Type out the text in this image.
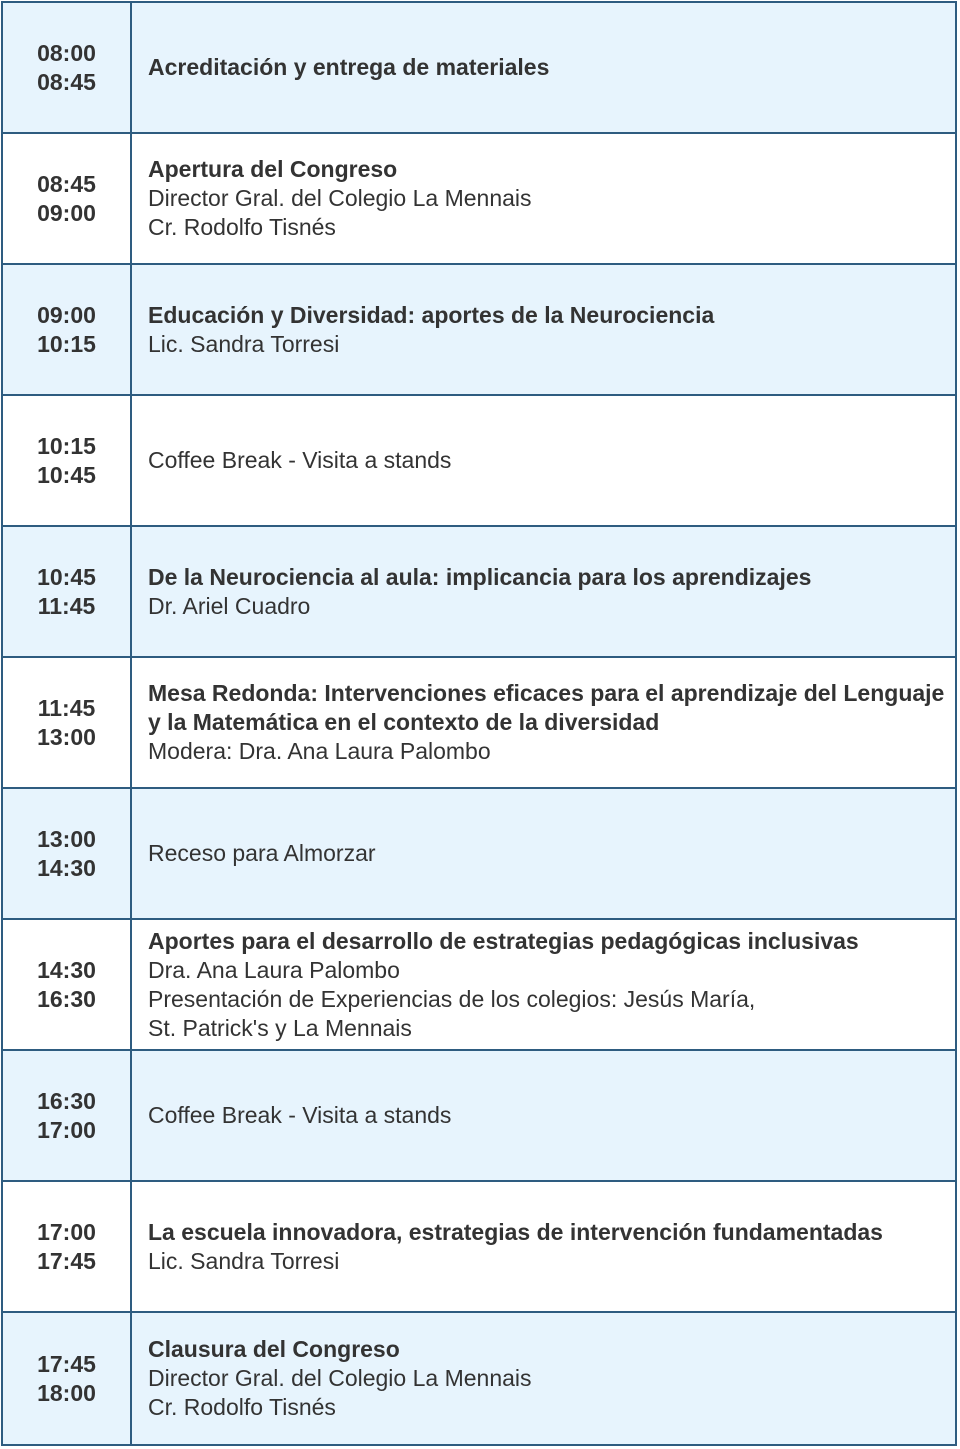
08:00
08:45
Acreditación y entrega de materiales
08:45
09:00
Apertura del Congreso
Director Gral. del Colegio La Mennais
Cr. Rodolfo Tisnés
09:00
10:15
Educación y Diversidad: aportes de la Neurociencia
Lic. Sandra Torresi
10:15
10:45
Coffee Break - Visita a stands
10:45
11:45
De la Neurociencia al aula: implicancia para los aprendizajes
Dr. Ariel Cuadro
11:45
13:00
Mesa Redonda: Intervenciones eficaces para el aprendizaje del Lenguaje y la Matemática en el contexto de la diversidad
Modera: Dra. Ana Laura Palombo
13:00
14:30
Receso para Almorzar
14:30
16:30
Aportes para el desarrollo de estrategias pedagógicas inclusivas
Dra. Ana Laura Palombo
Presentación de Experiencias de los colegios: Jesús María,
St. Patrick's y La Mennais
16:30
17:00
Coffee Break - Visita a stands
17:00
17:45
La escuela innovadora, estrategias de intervención fundamentadas
Lic. Sandra Torresi
17:45
18:00
Clausura del Congreso
Director Gral. del Colegio La Mennais
Cr. Rodolfo Tisnés
